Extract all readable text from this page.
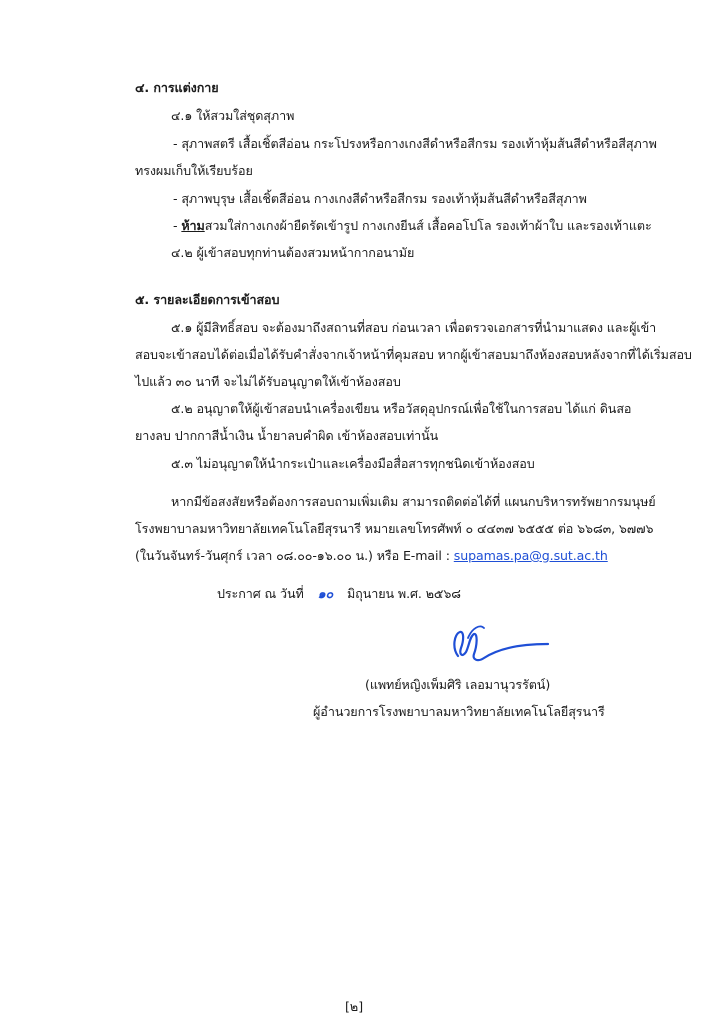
๔. การแต่งกาย
๔.๑ ให้สวมใส่ชุดสุภาพ
- สุภาพสตรี เสื้อเชิ้ตสีอ่อน กระโปรงหรือกางเกงสีดำหรือสีกรม รองเท้าหุ้มส้นสีดำหรือสีสุภาพ
ทรงผมเก็บให้เรียบร้อย
- สุภาพบุรุษ เสื้อเชิ้ตสีอ่อน กางเกงสีดำหรือสีกรม รองเท้าหุ้มส้นสีดำหรือสีสุภาพ
- ห้ามสวมใส่กางเกงผ้ายืดรัดเข้ารูป กางเกงยีนส์ เสื้อคอโปโล รองเท้าผ้าใบ และรองเท้าแตะ
๔.๒ ผู้เข้าสอบทุกท่านต้องสวมหน้ากากอนามัย
๕. รายละเอียดการเข้าสอบ
๕.๑ ผู้มีสิทธิ์สอบ จะต้องมาถึงสถานที่สอบ ก่อนเวลา เพื่อตรวจเอกสารที่นำมาแสดง และผู้เข้า
สอบจะเข้าสอบได้ต่อเมื่อได้รับคำสั่งจากเจ้าหน้าที่คุมสอบ หากผู้เข้าสอบมาถึงห้องสอบหลังจากที่ได้เริ่มสอบ
ไปแล้ว ๓๐ นาที จะไม่ได้รับอนุญาตให้เข้าห้องสอบ
๕.๒ อนุญาตให้ผู้เข้าสอบนำเครื่องเขียน หรือวัสดุอุปกรณ์เพื่อใช้ในการสอบ ได้แก่ ดินสอ
ยางลบ ปากกาสีน้ำเงิน น้ำยาลบคำผิด เข้าห้องสอบเท่านั้น
๕.๓ ไม่อนุญาตให้นำกระเป๋าและเครื่องมือสื่อสารทุกชนิดเข้าห้องสอบ
หากมีข้อสงสัยหรือต้องการสอบถามเพิ่มเติม สามารถติดต่อได้ที่ แผนกบริหารทรัพยากรมนุษย์
โรงพยาบาลมหาวิทยาลัยเทคโนโลยีสุรนารี หมายเลขโทรศัพท์ ๐ ๔๔๓๗ ๖๕๕๕ ต่อ ๖๖๘๓, ๖๗๗๖
(ในวันจันทร์-วันศุกร์ เวลา ๐๘.๐๐-๑๖.๐๐ น.) หรือ E-mail : supamas.pa@g.sut.ac.th
ประกาศ ณ วันที่ ๑๐ มิถุนายน พ.ศ. ๒๕๖๘
(แพทย์หญิงเพ็มศิริ เลอมานุวรรัตน์)
ผู้อำนวยการโรงพยาบาลมหาวิทยาลัยเทคโนโลยีสุรนารี
[๒]
